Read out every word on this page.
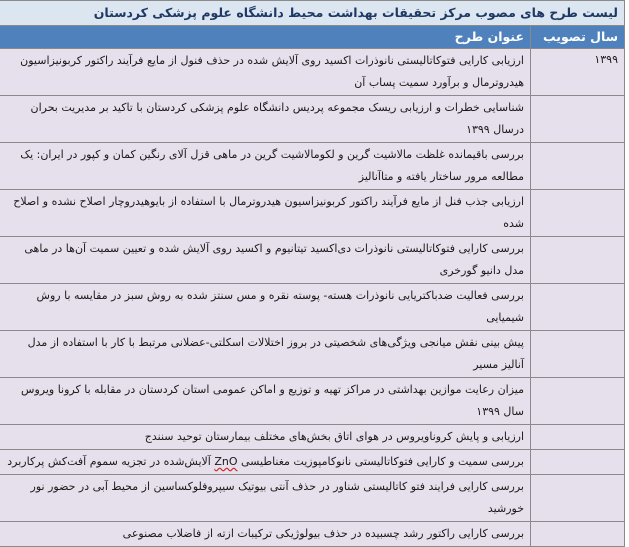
لیست طرح های مصوب مرکز تحقیقات بهداشت محیط دانشگاه علوم پزشکی کردستان	
سال تصویب	عنوان طرح
۱۳۹۹	ارزیابی کارایی فتوکاتالیستی نانوذرات اکسید روی آلایش شده در حذف فنول از مایع فرآیند راکتور کربونیزاسیون هیدروترمال و برآورد سمیت پساب آن
	شناسایی خطرات و ارزیابی ریسک مجموعه پردیس دانشگاه علوم پزشکی کردستان با تاکید بر مدیریت بحران درسال ۱۳۹۹
	بررسی باقیمانده غلظت مالاشیت گرین و لکومالاشیت گرین در ماهی قزل آلای رنگین کمان و کپور در ایران: یک مطالعه مرور ساختار یافته و متاآنالیز
	ارزیابی جذب فنل از مایع فرآیند راکتور کربونیزاسیون هیدروترمال با استفاده از بایوهیدروچار اصلاح نشده و اصلاح شده
	بررسی کارایی فتوکاتالیستی نانوذرات دی‌اکسید تیتانیوم و اکسید روی آلایش شده و تعیین سمیت آن‌ها در ماهی مدل دانیو گورخری
	بررسی فعالیت ضدباکتریایی نانوذرات هسته- پوسته نقره و مس سنتز شده به روش سبز در مقایسه با روش شیمیایی
	پیش بینی نقش میانجی ویژگی‌های شخصیتی در بروز اختلالات اسکلتی-عضلانی مرتبط با کار با استفاده از مدل آنالیز مسیر
	میزان رعایت موازین بهداشتی در مراکز تهیه و توزیع و اماکن عمومی استان کردستان در مقابله با کرونا ویروس سال ۱۳۹۹
	ارزیابی و پایش کروناویروس در هوای اتاق بخش‌های مختلف بیمارستان توحید سنندج
	بررسی سمیت و کارایی فتوکاتالیستی نانوکامپوزیت مغناطیسی ZnO آلایش‌شده در تجزیه سموم آفت‌کش پرکاربرد
	بررسی کارایی فرایند فتو کاتالیستی شناور در حذف آنتی بیوتیک سیپروفلوکساسین از محیط آبی در حضور نور خورشید
	بررسی کارایی راکتور رشد چسبیده در حذف بیولوژیکی ترکیبات ازته از فاضلاب مصنوعی
